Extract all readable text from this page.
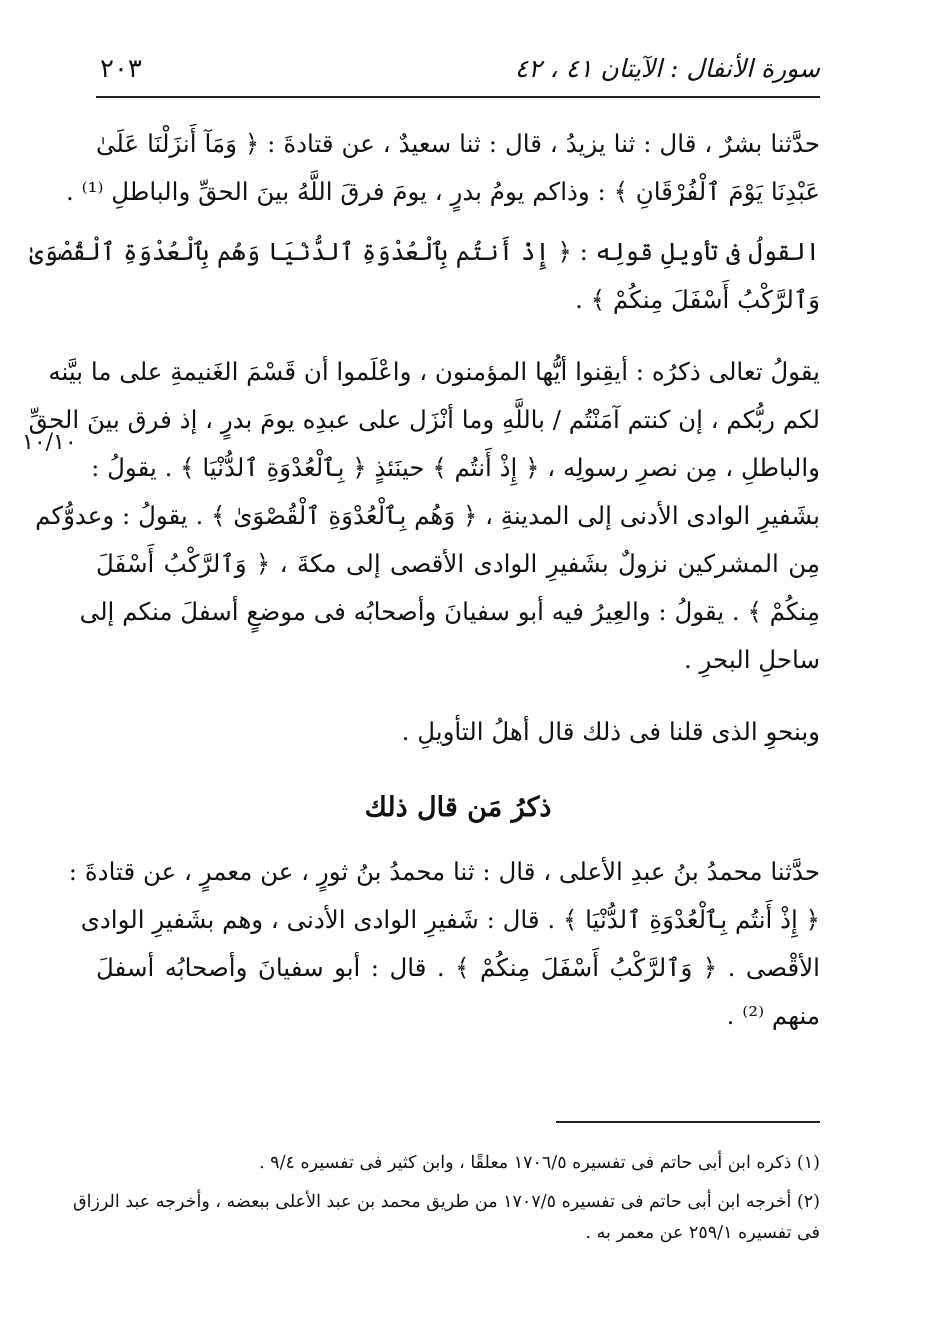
٢٠٣	سورة الأنفال : الآيتان ٤١ ، ٤٢
١٠/١٠
حدَّثنا بشرٌ ، قال : ثنا يزيدُ ، قال : ثنا سعيدٌ ، عن قتادةَ : ﴿ وَمَآ أَنزَلْنَا عَلَىٰ
عَبْدِنَا يَوْمَ ٱلْفُرْقَانِ ﴾ : وذاكم يومُ بدرٍ ، يومَ فرقَ اللَّهُ بينَ الحقِّ والباطلِ ⁽¹⁾ .
القولُ فى تأويلِ قولِه : ﴿ إِذْ أَنتُم بِٱلْعُدْوَةِ ٱلدُّنْيَا وَهُم بِٱلْعُدْوَةِ ٱلْقُصْوَىٰ
وَٱلرَّكْبُ أَسْفَلَ مِنكُمْ ﴾ .
يقولُ تعالى ذكرُه : أيقِنوا أيُّها المؤمنون ، واعْلَموا أن قَسْمَ الغَنيمةِ على ما بيَّنه
لكم ربُّكم ، إن كنتم آمَنْتُم / باللَّهِ وما أنْزَل على عبدِه يومَ بدرٍ ، إذ فرق بينَ الحقِّ
والباطلِ ، مِن نصرِ رسولِه ، ﴿ إِذْ أَنتُم ﴾ حينَئذٍ ﴿ بِٱلْعُدْوَةِ ٱلدُّنْيَا ﴾ . يقولُ :
بشَفيرِ الوادى الأدنى إلى المدينةِ ، ﴿ وَهُم بِٱلْعُدْوَةِ ٱلْقُصْوَىٰ ﴾ . يقولُ : وعدوُّكم
مِن المشركين نزولٌ بشَفيرِ الوادى الأقصى إلى مكةَ ، ﴿ وَٱلرَّكْبُ أَسْفَلَ
مِنكُمْ ﴾ . يقولُ : والعِيرُ فيه أبو سفيانَ وأصحابُه فى موضعٍ أسفلَ منكم إلى
ساحلِ البحرِ .
وبنحوِ الذى قلنا فى ذلك قال أهلُ التأويلِ .
ذكرُ مَن قال ذلك
حدَّثنا محمدُ بنُ عبدِ الأعلى ، قال : ثنا محمدُ بنُ ثورٍ ، عن معمرٍ ، عن قتادةَ :
﴿ إِذْ أَنتُم بِٱلْعُدْوَةِ ٱلدُّنْيَا ﴾ . قال : شَفيرِ الوادى الأدنى ، وهم بشَفيرِ الوادى
الأقْصى . ﴿ وَٱلرَّكْبُ أَسْفَلَ مِنكُمْ ﴾ . قال : أبو سفيانَ وأصحابُه أسفلَ
منهم ⁽²⁾ .
(١) ذكره ابن أبى حاتم فى تفسيره ١٧٠٦/٥ معلقًا ، وابن كثير فى تفسيره ٩/٤ .
(٢) أخرجه ابن أبى حاتم فى تفسيره ١٧٠٧/٥ من طريق محمد بن عبد الأعلى ببعضه ، وأخرجه عبد الرزاق
فى تفسيره ٢٥٩/١ عن معمر به .
